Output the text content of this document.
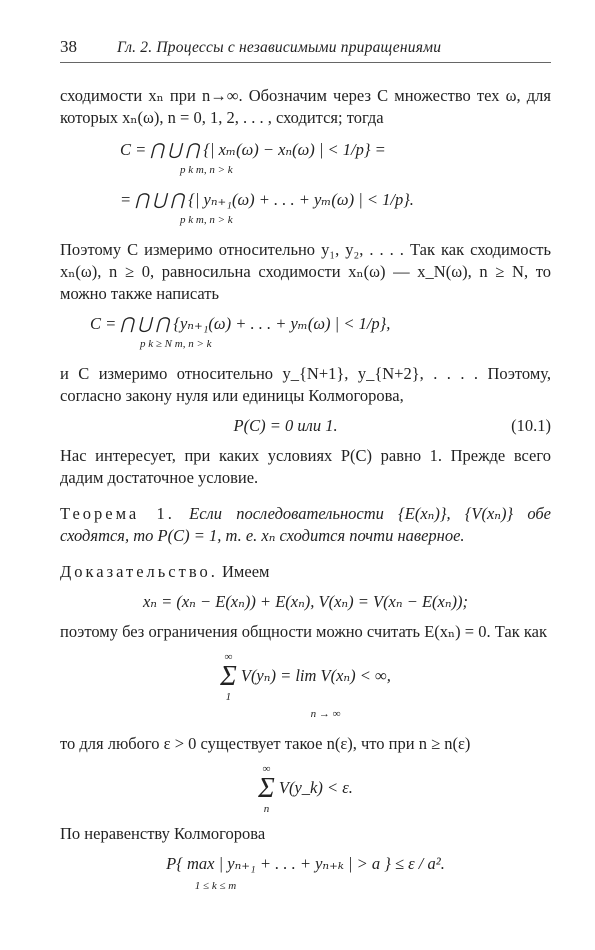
38	Гл. 2. Процессы с независимыми приращениями

сходимости xₙ при n→∞. Обозначим через C множество тех ω, для которых xₙ(ω), n = 0, 1, 2, . . . , сходится; тогда

C = ⋂ ⋃ ⋂ {| xₘ(ω) − xₙ(ω) | < 1/p} =
p k m, n > k
= ⋂ ⋃ ⋂ {| yₙ₊₁(ω) + . . . + yₘ(ω) | < 1/p}.
p k m, n > k

Поэтому C измеримо относительно y₁, y₂, . . . . Так как сходимость xₙ(ω), n ≥ 0, равносильна сходимости xₙ(ω) — x_N(ω), n ≥ N, то можно также написать

C = ⋂ ⋃ ⋂ {yₙ₊₁(ω) + . . . + yₘ(ω) | < 1/p},
p k ≥ N m, n > k

и C измеримо относительно y_{N+1}, y_{N+2}, . . . . Поэтому, согласно закону нуля или единицы Колмогорова,

P(C) = 0 или 1.	(10.1)

Нас интересует, при каких условиях P(C) равно 1. Прежде всего дадим достаточное условие.

Теорема 1. Если последовательности {E(xₙ)}, {V(xₙ)} обе сходятся, то P(C) = 1, т. е. xₙ сходится почти наверное.

Доказательство. Имеем

xₙ = (xₙ − E(xₙ)) + E(xₙ), V(xₙ) = V(xₙ − E(xₙ));

поэтому без ограничения общности можно считать E(xₙ) = 0. Так как

∞
Σ
1
V(yₙ) = lim V(xₙ) < ∞,
n → ∞

то для любого ε > 0 существует такое n(ε), что при n ≥ n(ε)

∞
Σ
n
V(y_k) < ε.

По неравенству Колмогорова

P{ max | yₙ₊₁ + . . . + yₙ₊ₖ | > a } ≤ ε / a².
1 ≤ k ≤ m
